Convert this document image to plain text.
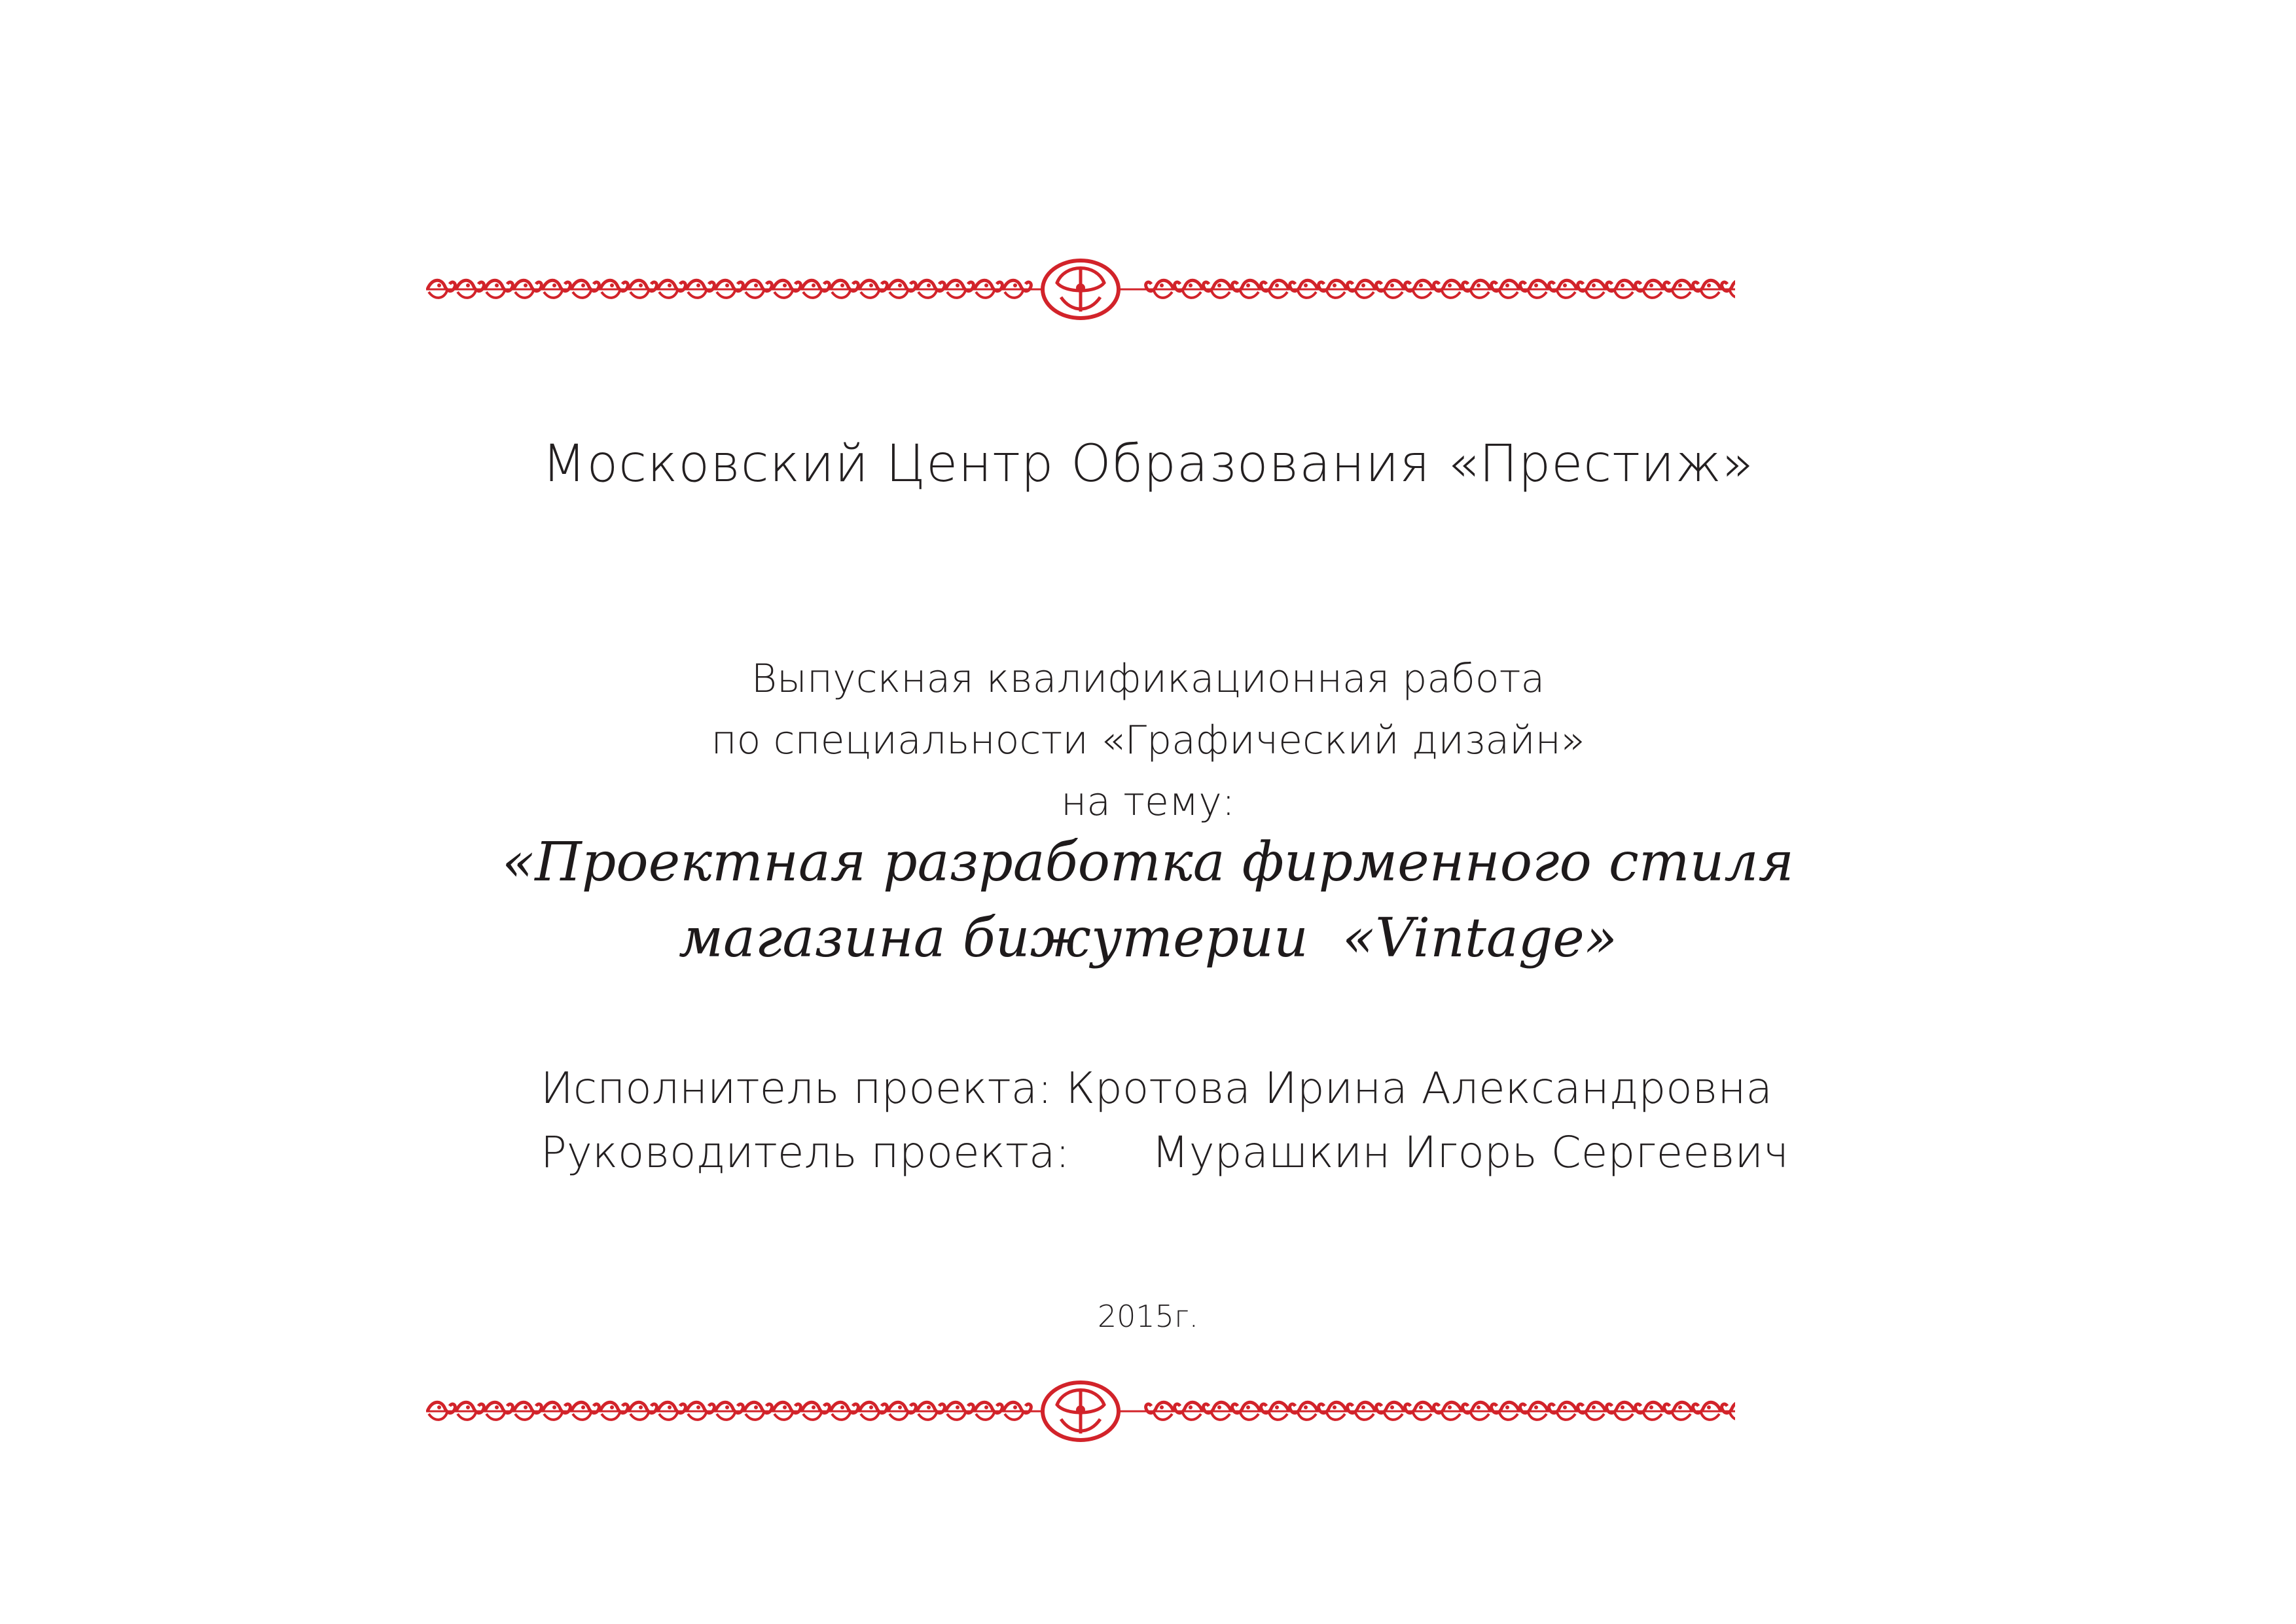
Московский Центр Образования «Престиж»
Выпускная квалификационная работа
по специальности «Графический дизайн»
на тему:
«Проектная разработка фирменного стиля
магазина бижутерии  «Vintage»
Исполнитель проекта: Кротова Ирина Александровна
Руководитель проекта: Мурашкин Игорь Сергеевич
2015г.
